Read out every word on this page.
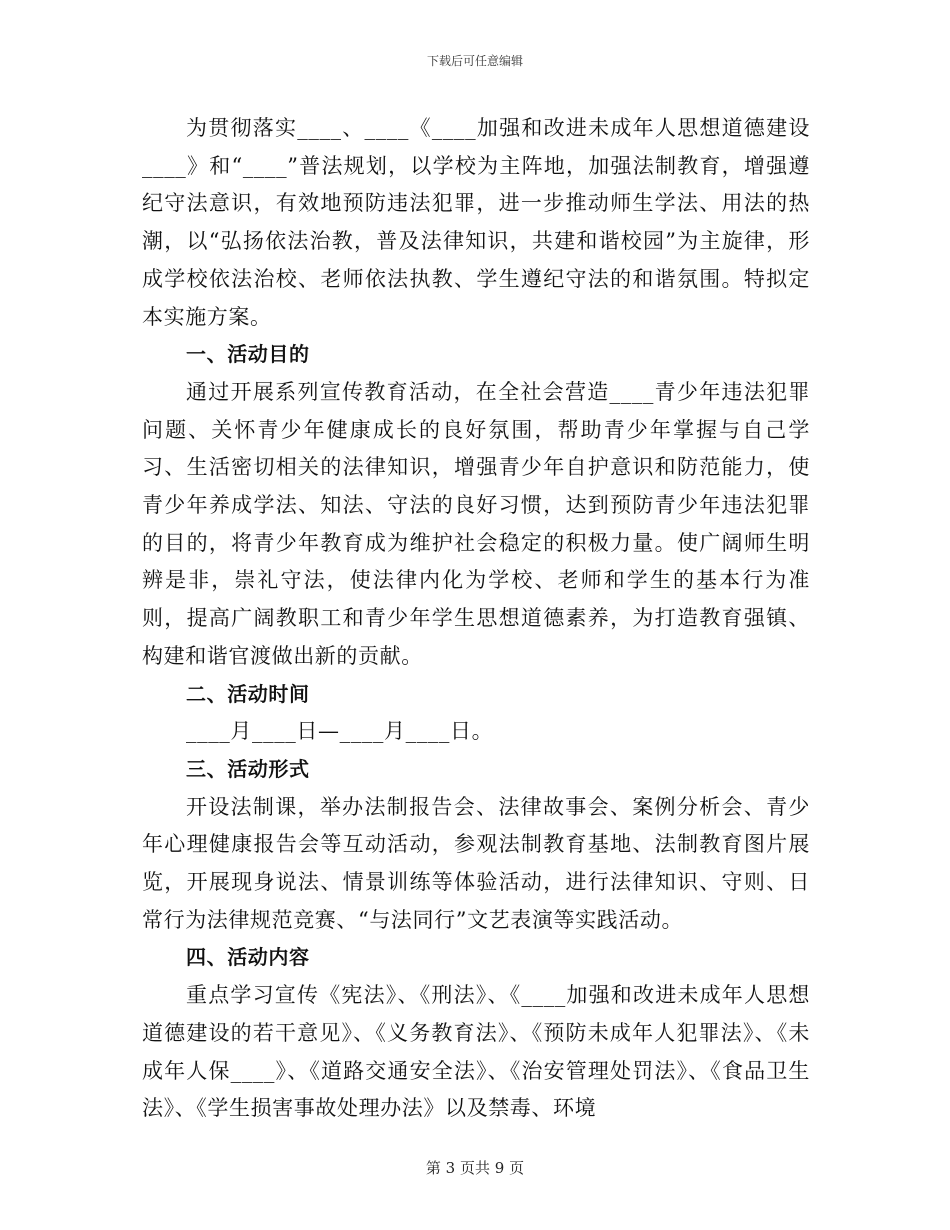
下载后可任意编辑

为贯彻落实____、____《____加强和改进未成年人思想道德建设____》和“____”普法规划，以学校为主阵地，加强法制教育，增强遵纪守法意识，有效地预防违法犯罪，进一步推动师生学法、用法的热潮，以“弘扬依法治教，普及法律知识，共建和谐校园”为主旋律，形成学校依法治校、老师依法执教、学生遵纪守法的和谐氛围。特拟定本实施方案。

一、活动目的

通过开展系列宣传教育活动，在全社会营造____青少年违法犯罪问题、关怀青少年健康成长的良好氛围，帮助青少年掌握与自己学习、生活密切相关的法律知识，增强青少年自护意识和防范能力，使青少年养成学法、知法、守法的良好习惯，达到预防青少年违法犯罪的目的，将青少年教育成为维护社会稳定的积极力量。使广阔师生明辨是非，崇礼守法，使法律内化为学校、老师和学生的基本行为准则，提高广阔教职工和青少年学生思想道德素养，为打造教育强镇、构建和谐官渡做出新的贡献。

二、活动时间

____月____日—____月____日。

三、活动形式

开设法制课，举办法制报告会、法律故事会、案例分析会、青少年心理健康报告会等互动活动，参观法制教育基地、法制教育图片展览，开展现身说法、情景训练等体验活动，进行法律知识、守则、日常行为法律规范竞赛、“与法同行”文艺表演等实践活动。

四、活动内容

重点学习宣传《宪法》、《刑法》、《____加强和改进未成年人思想道德建设的若干意见》、《义务教育法》、《预防未成年人犯罪法》、《未成年人保____》、《道路交通安全法》、《治安管理处罚法》、《食品卫生法》、《学生损害事故处理办法》以及禁毒、环境

第 3 页共 9 页
